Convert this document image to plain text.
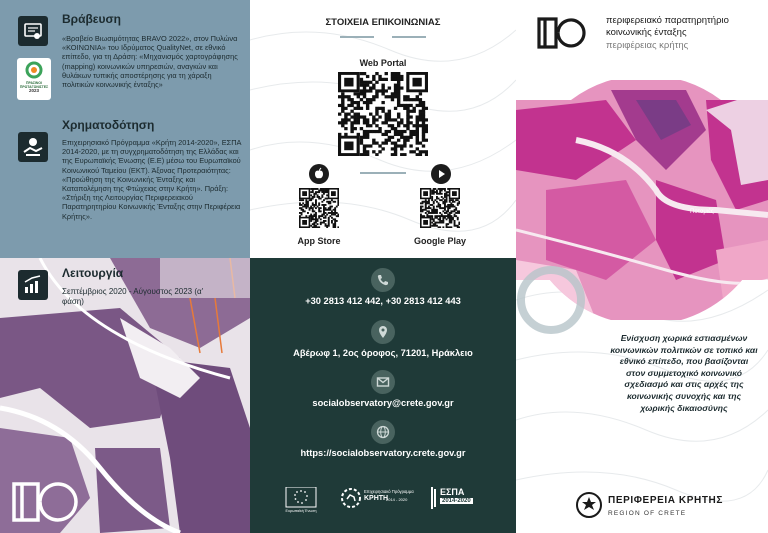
Βράβευση
ΠΡΑΣΙΝΟΙ ΠΡΩΤΑΓΩΝΙΣΤΕΣ
2023
«Βραβείο Βιωσιμότητας BRAVO 2022», στον Πυλώνα «ΚΟΙΝΩΝΙΑ» του Ιδρύματος QualityNet, σε εθνικό επίπεδο, για τη Δράση: «Μηχανισμός χαρτογράφησης (mapping) κοινωνικών υπηρεσιών, αναγκών και θυλάκων τυπικής αποστέρησης για τη χάραξη πολιτικών κοινωνικής ένταξης»
Χρηματοδότηση
Επιχειρησιακό Πρόγραμμα «Κρήτη 2014-2020», ΕΣΠΑ 2014-2020, με τη συγχρηματοδότηση της Ελλάδας και της Ευρωπαϊκής Ένωσης (Ε.Ε) μέσω του Ευρωπαϊκού Κοινωνικού Ταμείου (ΕΚΤ). Άξονας Προτεραιότητας: «Προώθηση της Κοινωνικής Ένταξης και Καταπολέμηση της Φτώχειας στην Κρήτη». Πράξη: «Στήριξη της Λειτουργίας Περιφερειακού Παρατηρητηρίου Κοινωνικής Ένταξης στην Περιφέρεια Κρήτης».
Λειτουργία
Σεπτέμβριος 2020 - Αύγουστος 2023 (α' φάση)
ΣΤΟΙΧΕΙΑ ΕΠΙΚΟΙΝΩΝΙΑΣ
Web Portal
App Store	Google Play
+30 2813 412 442, +30 2813 412 443
Αβέρωφ 1, 2ος όροφος, 71201, Ηράκλειο
socialobservatory@crete.gov.gr
https://socialobservatory.crete.gov.gr
Ευρωπαϊκή Ένωση
Επιχειρησιακό Πρόγραμμα
ΚΡΗΤΗ
2014 - 2020
ΕΣΠΑ
2014-2020
περιφερειακό παρατηρητήριο
κοινωνικής ένταξης
περιφέρειας κρήτης
Ποταμιές
Ενίσχυση χωρικά εστιασμένων κοινωνικών πολιτικών σε τοπικό και εθνικό επίπεδο, που βασίζονται στον συμμετοχικό κοινωνικό σχεδιασμό και στις αρχές της κοινωνικής συνοχής και της χωρικής δικαιοσύνης
ΠΕΡΙΦΕΡΕΙΑ ΚΡΗΤΗΣ
REGION OF CRETE
